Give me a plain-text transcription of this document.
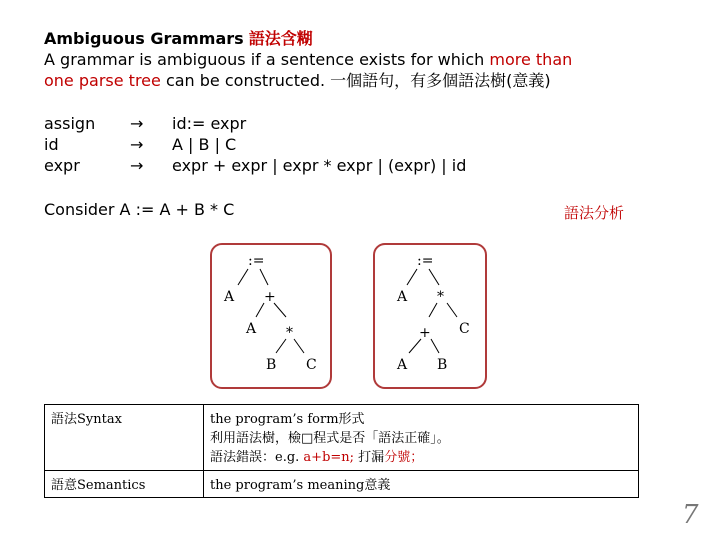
Ambiguous Grammars 語法含糊
A grammar is ambiguous if a sentence exists for which more than
one parse tree can be constructed. 一個語句，有多個語法樹(意義)
assign	→	id:= expr
id	→	A | B | C
expr	→	expr + expr | expr * expr | (expr) | id
Consider A := A + B * C	語法分析
:=
A +
A *
B C
:=
A *
+ C
A B
語法Syntax	the program’s form形式
利用語法樹，檢□程式是否「語法正確」。
語法錯誤：e.g. a+b=n; 打漏分號；

語意Semantics	the program’s meaning意義
7
